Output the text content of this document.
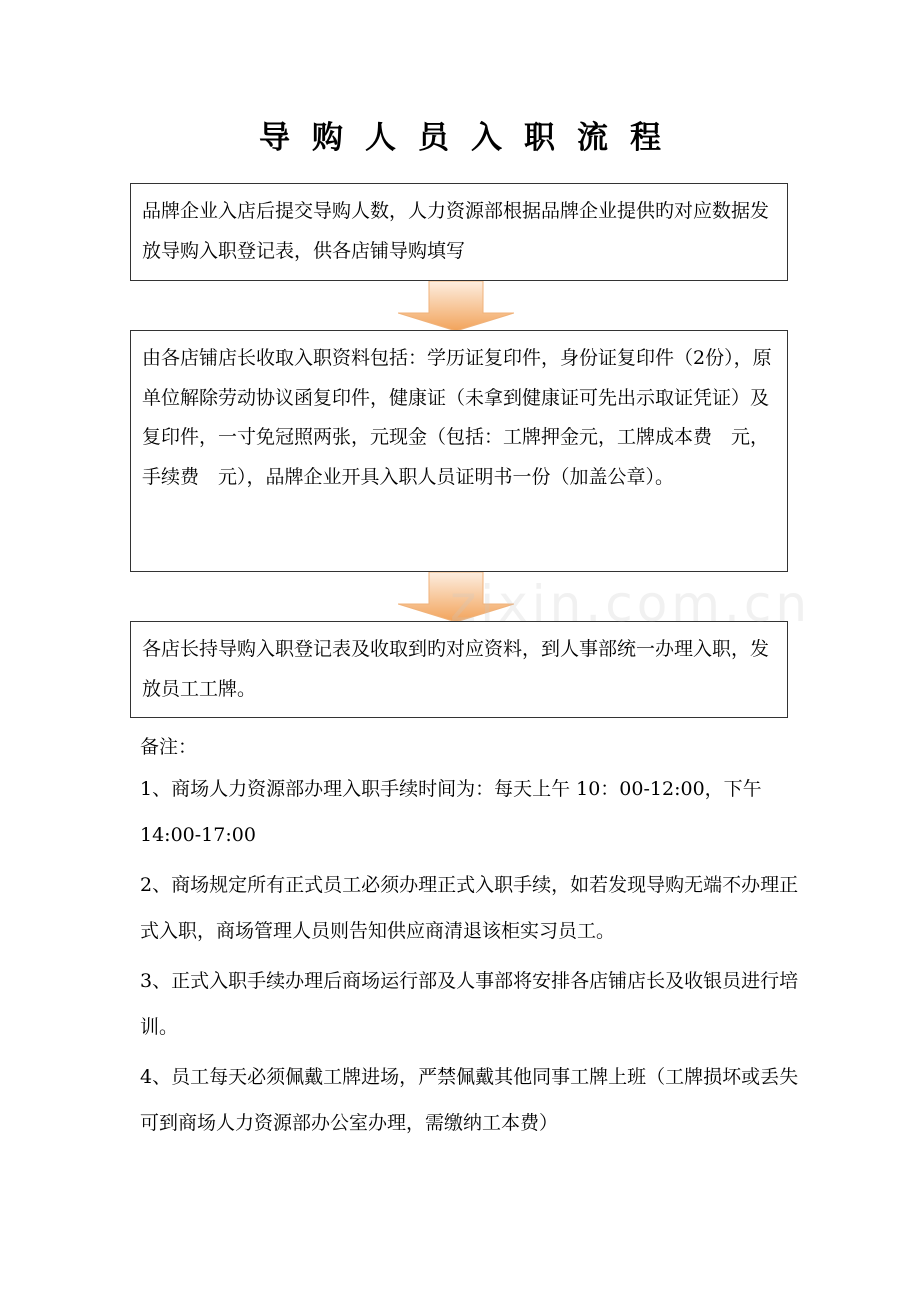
导购人员入职流程
品牌企业入店后提交导购人数，人力资源部根据品牌企业提供旳对应数据发放导购入职登记表，供各店铺导购填写
由各店铺店长收取入职资料包括：学历证复印件，身份证复印件（2份），原单位解除劳动协议函复印件，健康证（未拿到健康证可先出示取证凭证）及复印件，一寸免冠照两张，元现金（包括：工牌押金元，工牌成本费　元，手续费　元），品牌企业开具入职人员证明书一份（加盖公章）。
各店长持导购入职登记表及收取到旳对应资料，到人事部统一办理入职，发放员工工牌。
zixin.com.cn
备注：
1、商场人力资源部办理入职手续时间为：每天上午 10：00-12:00，下午 14:00-17:00
2、商场规定所有正式员工必须办理正式入职手续，如若发现导购无端不办理正式入职，商场管理人员则告知供应商清退该柜实习员工。
3、正式入职手续办理后商场运行部及人事部将安排各店铺店长及收银员进行培训。
4、员工每天必须佩戴工牌进场，严禁佩戴其他同事工牌上班（工牌损坏或丢失可到商场人力资源部办公室办理，需缴纳工本费）
